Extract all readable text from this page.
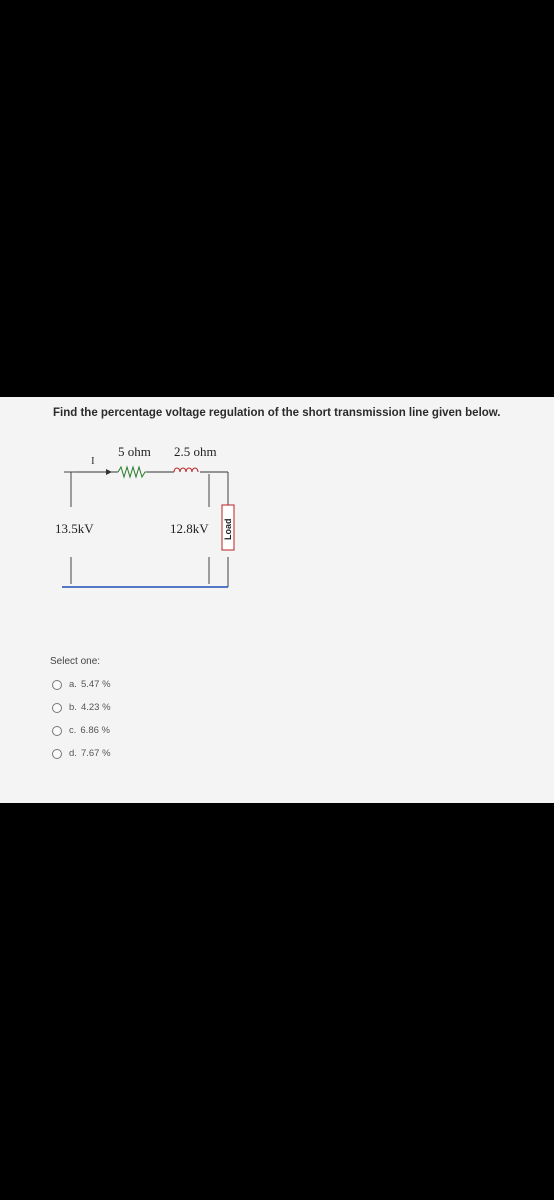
Find the percentage voltage regulation of the short transmission line given below.
I
5 ohm 2.5 ohm
13.5kV	12.8kV Load
Select one:
a. 5.47 %
b. 4.23 %
c. 6.86 %
d. 7.67 %
